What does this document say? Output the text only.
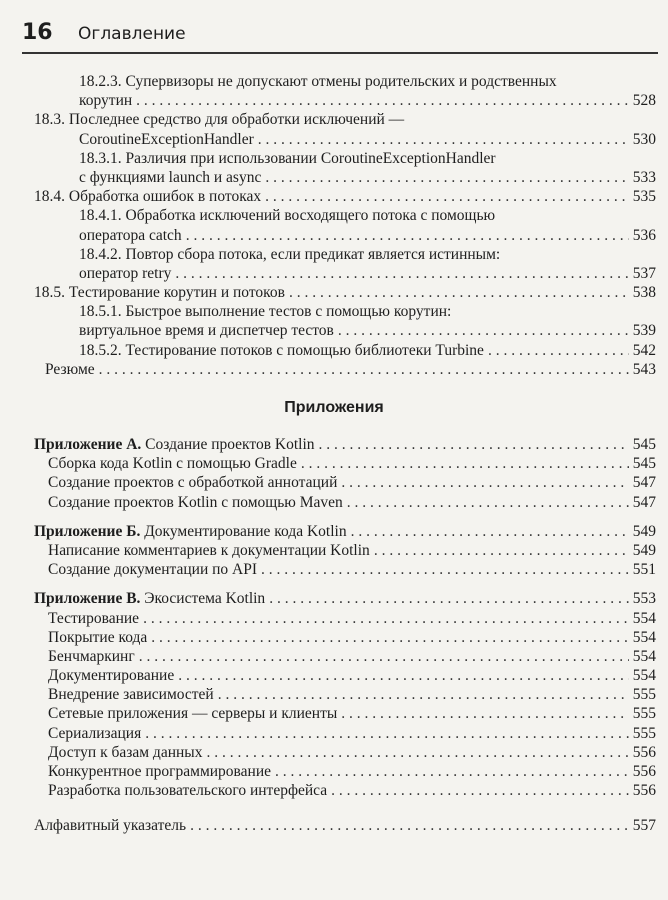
16 Оглавление
18.2.3. Супервизоры не допускают отмены родительских и родственных
корутин . . .	528
18.3. Последнее средство для обработки исключений —
CoroutineExceptionHandler . . .	530
18.3.1. Различия при использовании CoroutineExceptionHandler
с функциями launch и async . . .	533
18.4. Обработка ошибок в потоках . . .	535
18.4.1. Обработка исключений восходящего потока с помощью
оператора catch . . .	536
18.4.2. Повтор сбора потока, если предикат является истинным:
оператор retry . . .	537
18.5. Тестирование корутин и потоков . . .	538
18.5.1. Быстрое выполнение тестов с помощью корутин:
виртуальное время и диспетчер тестов . . .	539
18.5.2. Тестирование потоков с помощью библиотеки Turbine . . .	542
Резюме . . .	543
Приложения
Приложение А. Создание проектов Kotlin . . .	545
Сборка кода Kotlin с помощью Gradle . . .	545
Создание проектов с обработкой аннотаций . . .	547
Создание проектов Kotlin с помощью Maven . . .	547
Приложение Б. Документирование кода Kotlin . . .	549
Написание комментариев к документации Kotlin . . .	549
Создание документации по API . . .	551
Приложение В. Экосистема Kotlin . . .	553
Тестирование . . .	554
Покрытие кода . . .	554
Бенчмаркинг . . .	554
Документирование . . .	554
Внедрение зависимостей . . .	555
Сетевые приложения — серверы и клиенты . . .	555
Сериализация . . .	555
Доступ к базам данных . . .	556
Конкурентное программирование . . .	556
Разработка пользовательского интерфейса . . .	556
Алфавитный указатель . . .	557
